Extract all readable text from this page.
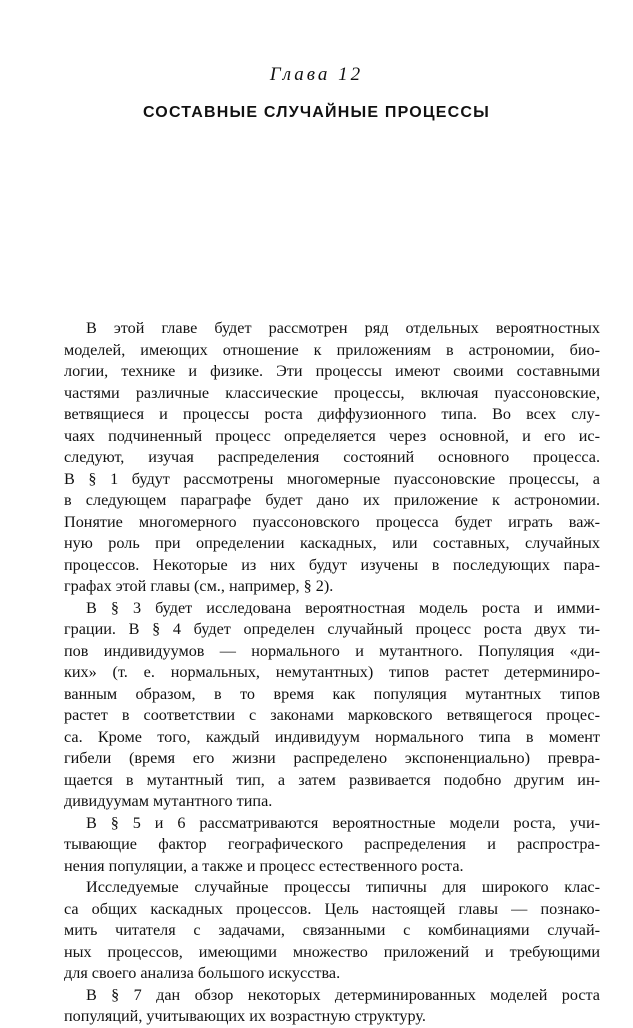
Глава 12
СОСТАВНЫЕ СЛУЧАЙНЫЕ ПРОЦЕССЫ
В этой главе будет рассмотрен ряд отдельных вероятностных
моделей, имеющих отношение к приложениям в астрономии, био-
логии, технике и физике. Эти процессы имеют своими составными
частями различные классические процессы, включая пуассоновские,
ветвящиеся и процессы роста диффузионного типа. Во всех слу-
чаях подчиненный процесс определяется через основной, и его ис-
следуют, изучая распределения состояний основного процесса.
В § 1 будут рассмотрены многомерные пуассоновские процессы, а
в следующем параграфе будет дано их приложение к астрономии.
Понятие многомерного пуассоновского процесса будет играть важ-
ную роль при определении каскадных, или составных, случайных
процессов. Некоторые из них будут изучены в последующих пара-
графах этой главы (см., например, § 2).
В § 3 будет исследована вероятностная модель роста и имми-
грации. В § 4 будет определен случайный процесс роста двух ти-
пов индивидуумов — нормального и мутантного. Популяция «ди-
ких» (т. е. нормальных, немутантных) типов растет детерминиро-
ванным образом, в то время как популяция мутантных типов
растет в соответствии с законами марковского ветвящегося процес-
са. Кроме того, каждый индивидуум нормального типа в момент
гибели (время его жизни распределено экспоненциально) превра-
щается в мутантный тип, а затем развивается подобно другим ин-
дивидуумам мутантного типа.
В § 5 и 6 рассматриваются вероятностные модели роста, учи-
тывающие фактор географического распределения и распростра-
нения популяции, а также и процесс естественного роста.
Исследуемые случайные процессы типичны для широкого клас-
са общих каскадных процессов. Цель настоящей главы — познако-
мить читателя с задачами, связанными с комбинациями случай-
ных процессов, имеющими множество приложений и требующими
для своего анализа большого искусства.
В § 7 дан обзор некоторых детерминированных моделей роста
популяций, учитывающих их возрастную структуру.
